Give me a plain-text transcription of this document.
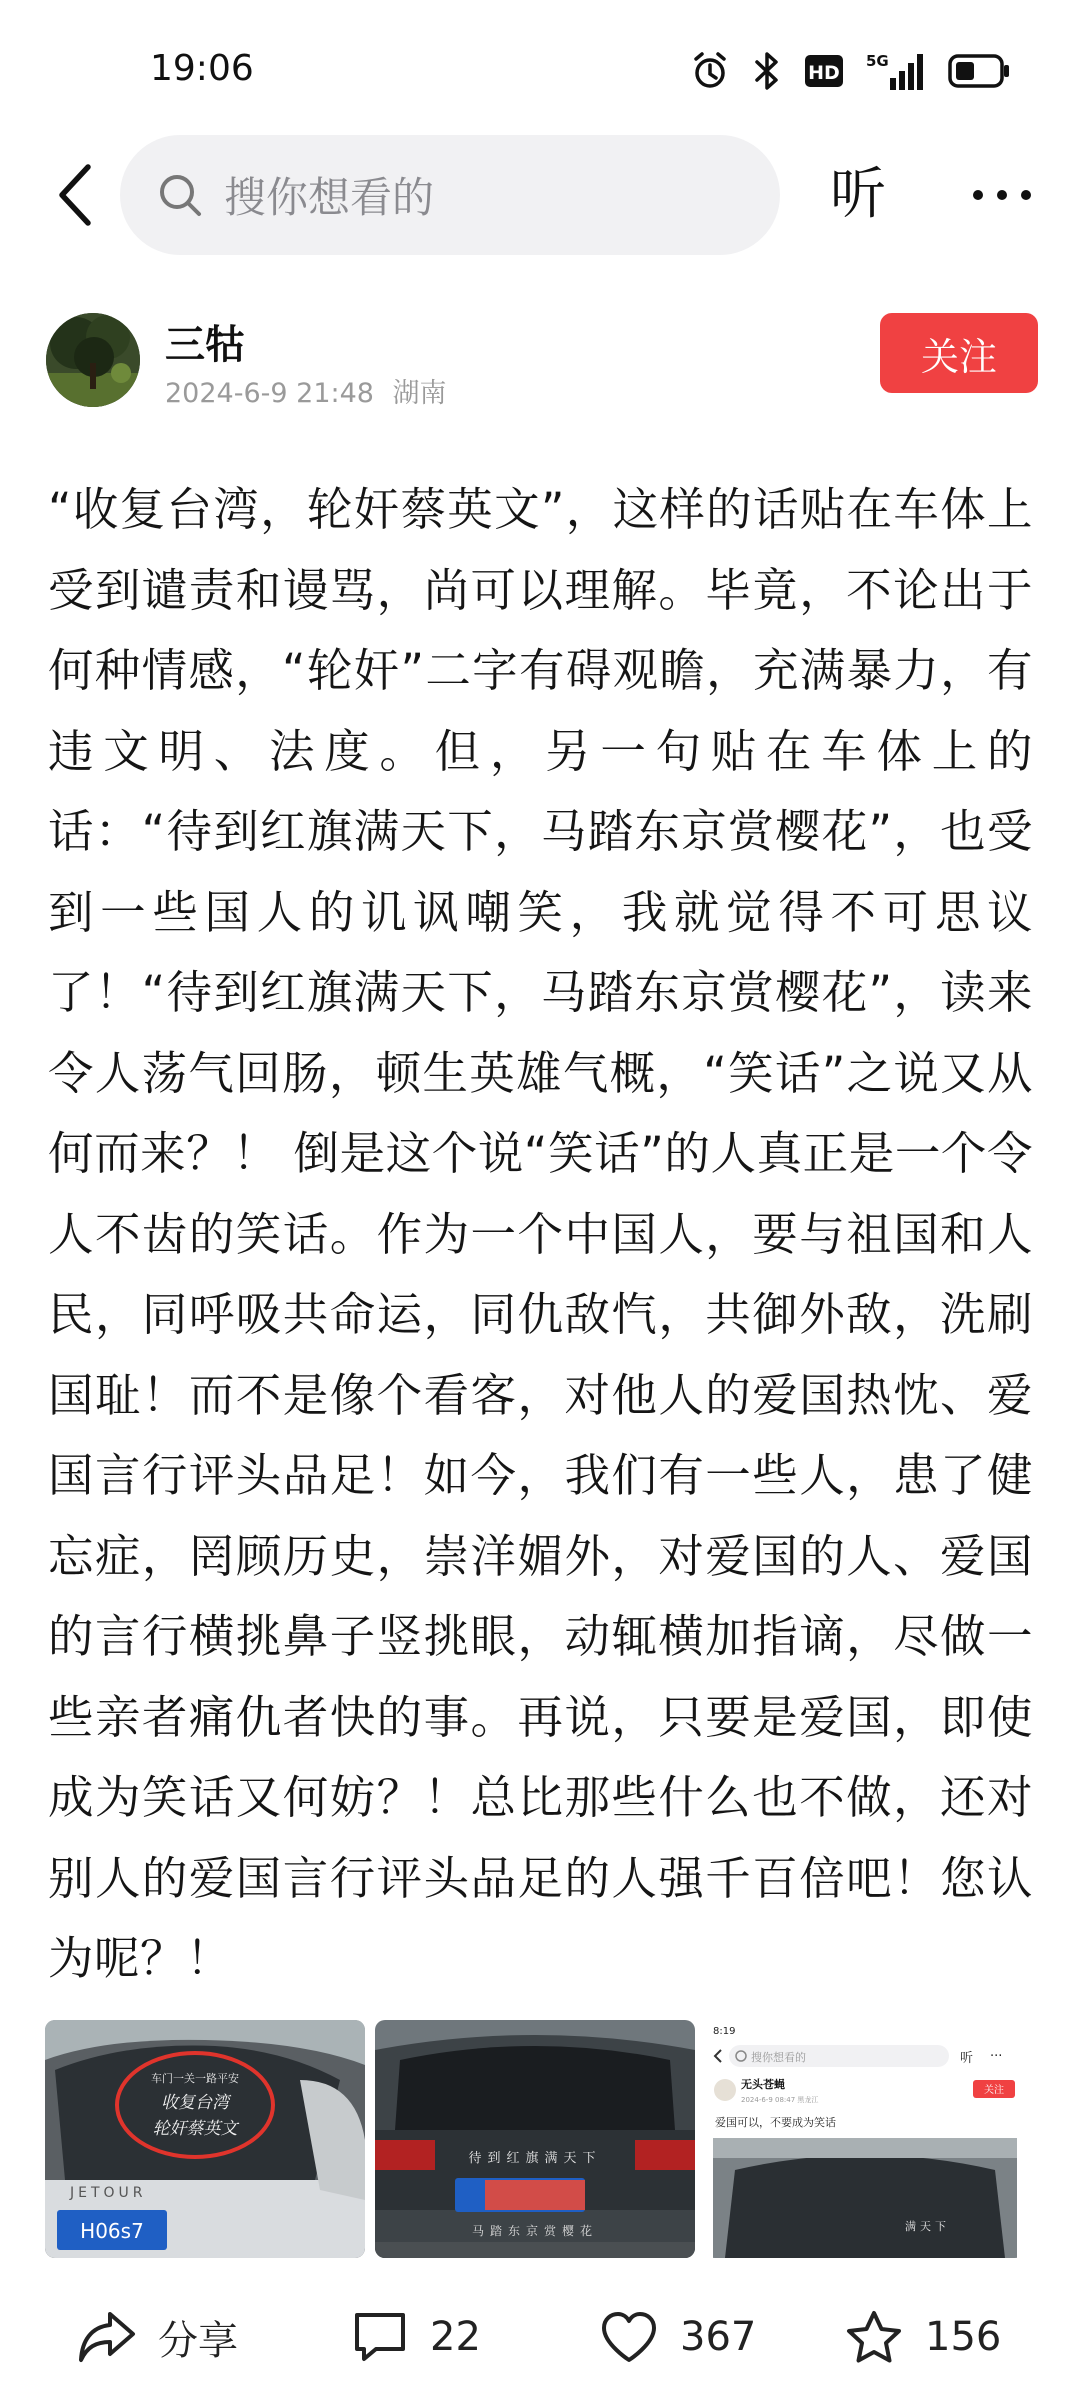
19:06	HD
5G
搜你想看的	听
三牯
2024-6-9 21:48 湖南
关注
“收复台湾，轮奸蔡英文”，这样的话贴在车体上受到谴责和谩骂，尚可以理解。毕竟，不论出于何种情感，“轮奸”二字有碍观瞻，充满暴力，有违文明、法度。但，另一句贴在车体上的话：“待到红旗满天下，马踏东京赏樱花”，也受到一些国人的讥讽嘲笑，我就觉得不可思议了！“待到红旗满天下，马踏东京赏樱花”，读来令人荡气回肠，顿生英雄气概，“笑话”之说又从何而来？！ 倒是这个说“笑话”的人真正是一个令人不齿的笑话。作为一个中国人，要与祖国和人民，同呼吸共命运，同仇敌忾，共御外敌，洗刷国耻！而不是像个看客，对他人的爱国热忱、爱国言行评头品足！如今，我们有一些人，患了健忘症，罔顾历史，崇洋媚外，对爱国的人、爱国的言行横挑鼻子竖挑眼，动辄横加指谪，尽做一些亲者痛仇者快的事。再说，只要是爱国，即使成为笑话又何妨？！总比那些什么也不做，还对别人的爱国言行评头品足的人强千百倍吧！您认为呢？！
车门一关一路平安
收复台湾
轮奸蔡英文
JETOUR
H06s7
待到红旗满天下
马踏东京赏樱花
8:19
搜你想看的	听 ···
无头苍蝇
2024-6-9 08:47 黑龙江
关注
爱国可以，不要成为笑话
满天下
分享	22	367	156
